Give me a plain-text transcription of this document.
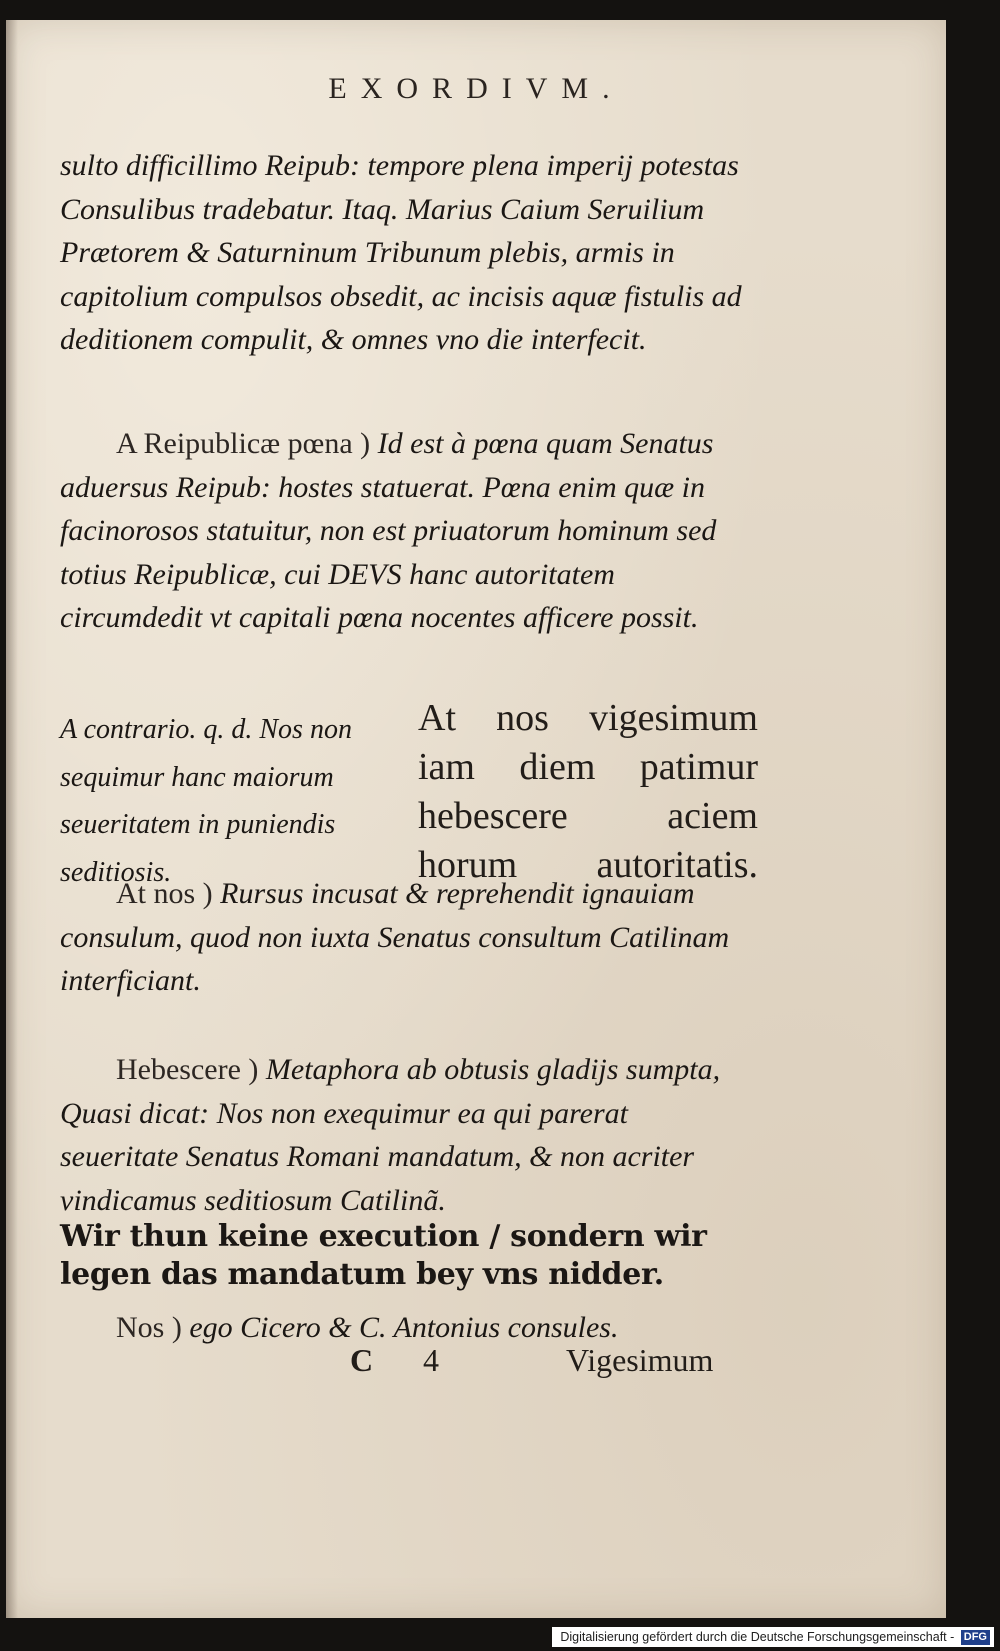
EXORDIVM.

sulto difficillimo Reipub: tempore plena imperij potestas Consulibus tradebatur. Itaq. Marius Caium Seruilium Prætorem & Saturninum Tribunum plebis, armis in capitolium compulsos obsedit, ac incisis aquæ fistulis ad deditionem compulit, & omnes vno die interfecit.

A Reipublicæ pœna ) Id est à pœna quam Senatus aduersus Reipub: hostes statuerat. Pœna enim quæ in facinorosos statuitur, non est priuatorum hominum sed totius Reipublicæ, cui DEVS hanc autoritatem circumdedit vt capitali pœna nocentes afficere possit.

A contrario. q. d. Nos non sequimur hanc maiorum seueritatem in puniendis seditiosis.

At nos vigesimum iam diem patimur hebescere aciem horum autoritatis.

At nos ) Rursus incusat & reprehendit ignauiam consulum, quod non iuxta Senatus consultum Catilinam interficiant.

Hebescere ) Metaphora ab obtusis gladijs sumpta, Quasi dicat: Nos non exequimur ea qui parerat seueritate Senatus Romani mandatum, & non acriter vindicamus seditiosum Catilinã.

Wir thun keine execution / sondern wir legen das mandatum bey vns nidder.

Nos ) ego Cicero & C. Antonius consules.

C 4	Vigesimum
Digitalisierung gefördert durch die Deutsche Forschungsgemeinschaft - DFG
